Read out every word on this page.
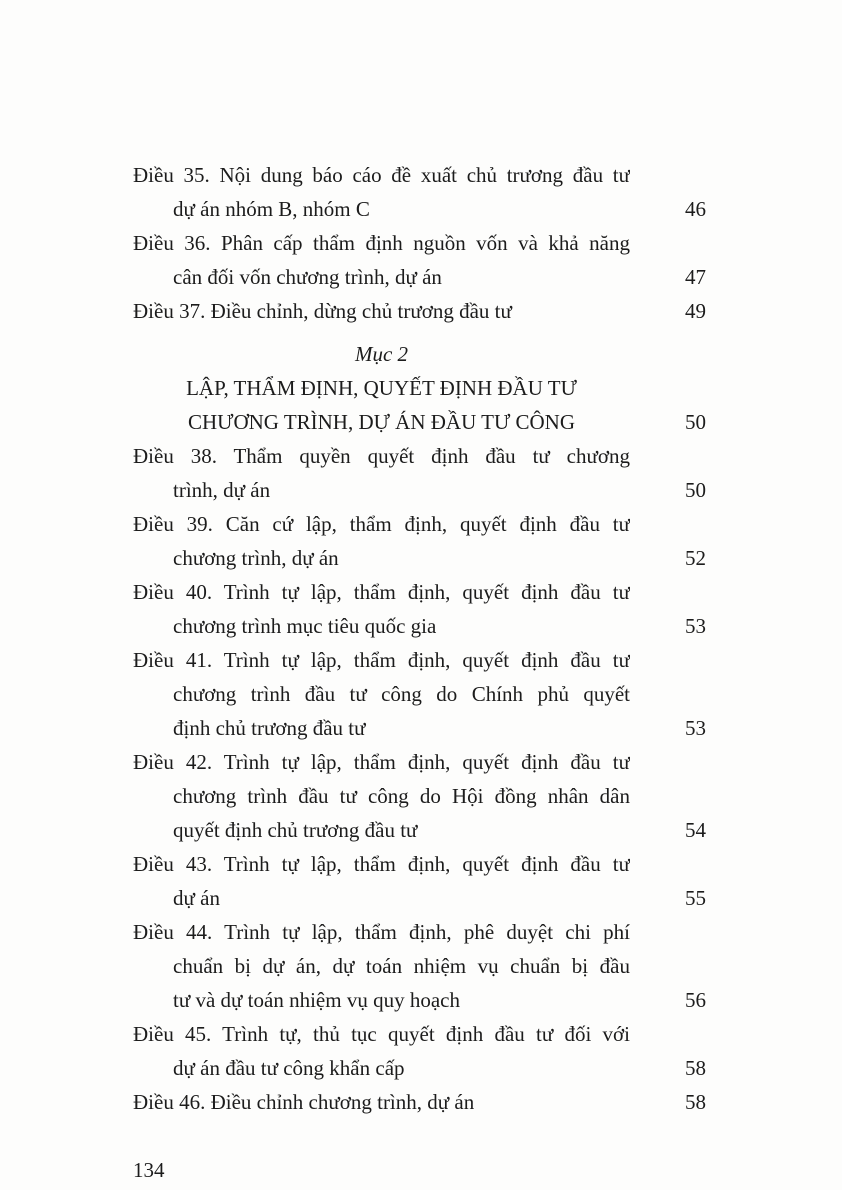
Điều 35. Nội dung báo cáo đề xuất chủ trương đầu tư
dự án nhóm B, nhóm C	46
Điều 36. Phân cấp thẩm định nguồn vốn và khả năng
cân đối vốn chương trình, dự án	47
Điều 37. Điều chỉnh, dừng chủ trương đầu tư	49
Mục 2
LẬP, THẨM ĐỊNH, QUYẾT ĐỊNH ĐẦU TƯ
CHƯƠNG TRÌNH, DỰ ÁN ĐẦU TƯ CÔNG	50
Điều 38. Thẩm quyền quyết định đầu tư chương
trình, dự án	50
Điều 39. Căn cứ lập, thẩm định, quyết định đầu tư
chương trình, dự án	52
Điều 40. Trình tự lập, thẩm định, quyết định đầu tư
chương trình mục tiêu quốc gia	53
Điều 41. Trình tự lập, thẩm định, quyết định đầu tư
chương trình đầu tư công do Chính phủ quyết
định chủ trương đầu tư	53
Điều 42. Trình tự lập, thẩm định, quyết định đầu tư
chương trình đầu tư công do Hội đồng nhân dân
quyết định chủ trương đầu tư	54
Điều 43. Trình tự lập, thẩm định, quyết định đầu tư
dự án	55
Điều 44. Trình tự lập, thẩm định, phê duyệt chi phí
chuẩn bị dự án, dự toán nhiệm vụ chuẩn bị đầu
tư và dự toán nhiệm vụ quy hoạch	56
Điều 45. Trình tự, thủ tục quyết định đầu tư đối với
dự án đầu tư công khẩn cấp	58
Điều 46. Điều chỉnh chương trình, dự án	58
134
